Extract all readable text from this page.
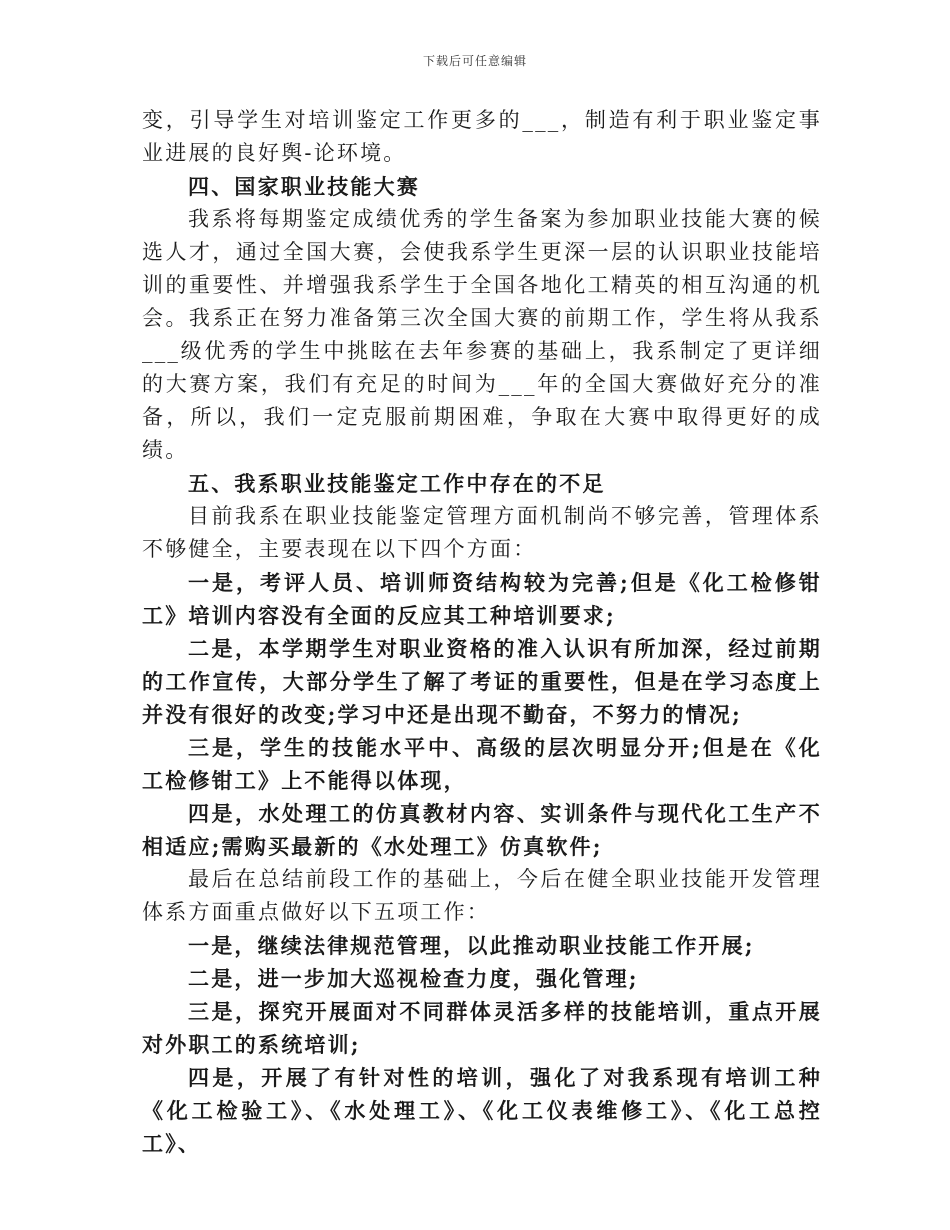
下载后可任意编辑

变，引导学生对培训鉴定工作更多的___，制造有利于职业鉴定事业进展的良好舆-论环境。

四、国家职业技能大赛

我系将每期鉴定成绩优秀的学生备案为参加职业技能大赛的候选人才，通过全国大赛，会使我系学生更深一层的认识职业技能培训的重要性、并增强我系学生于全国各地化工精英的相互沟通的机会。我系正在努力准备第三次全国大赛的前期工作，学生将从我系___级优秀的学生中挑眩在去年参赛的基础上，我系制定了更详细的大赛方案，我们有充足的时间为___年的全国大赛做好充分的准备，所以，我们一定克服前期困难，争取在大赛中取得更好的成绩。

五、我系职业技能鉴定工作中存在的不足

目前我系在职业技能鉴定管理方面机制尚不够完善，管理体系不够健全，主要表现在以下四个方面：

一是，考评人员、培训师资结构较为完善;但是《化工检修钳工》培训内容没有全面的反应其工种培训要求;

二是，本学期学生对职业资格的准入认识有所加深，经过前期的工作宣传，大部分学生了解了考证的重要性，但是在学习态度上并没有很好的改变;学习中还是出现不勤奋，不努力的情况;

三是，学生的技能水平中、高级的层次明显分开;但是在《化工检修钳工》上不能得以体现，

四是，水处理工的仿真教材内容、实训条件与现代化工生产不相适应;需购买最新的《水处理工》仿真软件;

最后在总结前段工作的基础上，今后在健全职业技能开发管理体系方面重点做好以下五项工作：

一是，继续法律规范管理，以此推动职业技能工作开展;

二是，进一步加大巡视检查力度，强化管理;

三是，探究开展面对不同群体灵活多样的技能培训，重点开展对外职工的系统培训;

四是，开展了有针对性的培训，强化了对我系现有培训工种《化工检验工》、《水处理工》、《化工仪表维修工》、《化工总控工》、
